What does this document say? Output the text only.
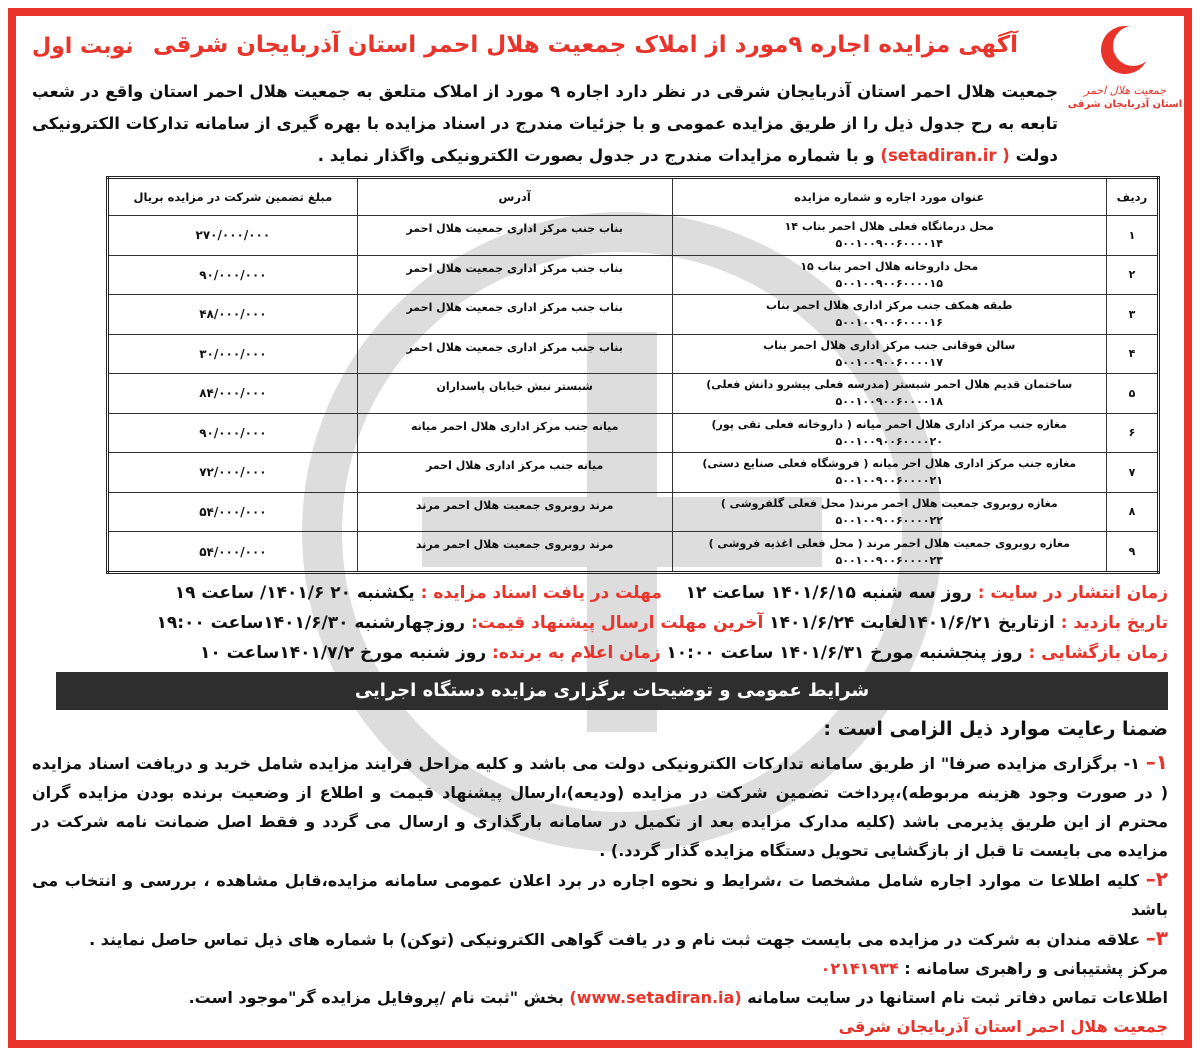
جمعیت هلال احمر
استان آذربایجان شرقی
آگهی مزایده اجاره ۹مورد از املاک جمعیت هلال احمر استان آذربایجان شرقی
نوبت اول
جمعیت هلال احمر استان آذربایجان شرقی در نظر دارد اجاره ۹ مورد از املاک متلعق به جمعیت هلال احمر استان واقع در شعب تابعه به رح جدول ذیل را از طریق مزایده عمومی و با جزئیات مندرج در اسناد مزایده با بهره گیری از سامانه تدارکات الکترونیکی دولت ( setadiran.ir) و با شماره مزایدات مندرج در جدول بصورت الکترونیکی واگذار نماید .
ردیف	عنوان مورد اجاره و شماره مزایده	آدرس	مبلغ تضمین شرکت در مزایده بریال
۱	محل درمانگاه فعلی هلال احمر بناب ۱۴
۵۰۰۱۰۰۹۰۰۶۰۰۰۰۱۴	بناب جنب مرکز اداری جمعیت هلال احمر	۲۷۰/۰۰۰/۰۰۰
۲	محل داروخانه هلال احمر بناب ۱۵
۵۰۰۱۰۰۹۰۰۶۰۰۰۰۱۵	بناب جنب مرکز اداری جمعیت هلال احمر	۹۰/۰۰۰/۰۰۰
۳	طبقه همکف جنب مرکز اداری هلال احمر بناب
۵۰۰۱۰۰۹۰۰۶۰۰۰۰۱۶	بناب جنب مرکز اداری جمعیت هلال احمر	۴۸/۰۰۰/۰۰۰
۴	سالن فوقانی جنب مرکز اداری هلال احمر بناب
۵۰۰۱۰۰۹۰۰۶۰۰۰۰۱۷	بناب جنب مرکز اداری جمعیت هلال احمر	۳۰/۰۰۰/۰۰۰
۵	ساختمان قدیم هلال احمر شبستر (مدرسه فعلی پیشرو دانش فعلی)
۵۰۰۱۰۰۹۰۰۶۰۰۰۰۱۸	شبستر نبش خیابان پاسداران	۸۴/۰۰۰/۰۰۰
۶	مغازه جنب مرکز اداری هلال احمر میانه ( داروخانه فعلی تقی پور)
۵۰۰۱۰۰۹۰۰۶۰۰۰۰۲۰	میانه جنب مرکز اداری هلال احمر میانه	۹۰/۰۰۰/۰۰۰
۷	مغازه جنب مرکز اداری هلال احر میانه ( فروشگاه فعلی صنایع دستی)
۵۰۰۱۰۰۹۰۰۶۰۰۰۰۲۱	میانه جنب مرکز اداری هلال احمر	۷۲/۰۰۰/۰۰۰
۸	مغازه روبروی جمعیت هلال احمر مرند( محل فعلی گلفروشی )
۵۰۰۱۰۰۹۰۰۶۰۰۰۰۲۲	مرند روبروی جمعیت هلال احمر مرند	۵۴/۰۰۰/۰۰۰
۹	مغازه روبروی جمعیت هلال احمر مرند ( محل فعلی اغذیه فروشی )
۵۰۰۱۰۰۹۰۰۶۰۰۰۰۲۳	مرند روبروی جمعیت هلال احمر مرند	۵۴/۰۰۰/۰۰۰
زمان انتشار در سایت : روز سه شنبه ۱۴۰۱/۶/۱۵ ساعت ۱۲    مهلت در یافت اسناد مزایده : یکشنبه ۲۰ ۱۴۰۱/۶/ ساعت ۱۹
تاریخ بازدید : ازتاریخ ۱۴۰۱/۶/۲۱لغایت ۱۴۰۱/۶/۲۴ آخرین مهلت ارسال پیشنهاد قیمت: روزچهارشنبه ۱۴۰۱/۶/۳۰ساعت ۱۹:۰۰
زمان بازگشایی : روز پنجشنبه مورخ ۱۴۰۱/۶/۳۱ ساعت ۱۰:۰۰ زمان اعلام به برنده: روز شنبه مورخ ۱۴۰۱/۷/۲ساعت ۱۰
شرایط عمومی و توضیحات برگزاری مزایده دستگاه اجرایی
ضمنا رعایت موارد ذیل الزامی است :

۱– ۱- برگزاری مزایده صرفا" از طریق سامانه تدارکات الکترونیکی دولت می باشد و کلیه مراحل فرایند مزایده شامل خرید و دریافت اسناد مزایده ( در صورت وجود هزینه مربوطه)،پرداخت تضمین شرکت در مزایده (ودیعه)،ارسال پیشنهاد قیمت و اطلاع از وضعیت برنده بودن مزایده گران محترم از این طریق پذیرمی باشد (کلیه مدارک مزایده بعد از تکمیل در سامانه بارگذاری و ارسال می گردد و فقط اصل ضمانت نامه شرکت در مزایده می بایست تا قبل از بازگشایی تحویل دستگاه مزایده گذار گردد.) .

۲– کلیه اطلاعا ت موارد اجاره شامل مشخصا ت ،شرایط و نحوه اجاره در برد اعلان عمومی سامانه مزایده،قابل مشاهده ، بررسی و انتخاب می باشد

۳– علاقه مندان به شرکت در مزایده می بایست جهت ثبت نام و در یافت گواهی الکترونیکی (توکن) با شماره های ذیل تماس حاصل نمایند .

مرکز پشتیبانی و راهبری سامانه : ۰۲۱۴۱۹۳۴

اطلاعات تماس دفاتر ثبت نام استانها در سایت سامانه (www.setadiran.ia) بخش "ثبت نام /پروفایل مزایده گر"موجود است.

جمعیت هلال احمر استان آذربایجان شرقی
